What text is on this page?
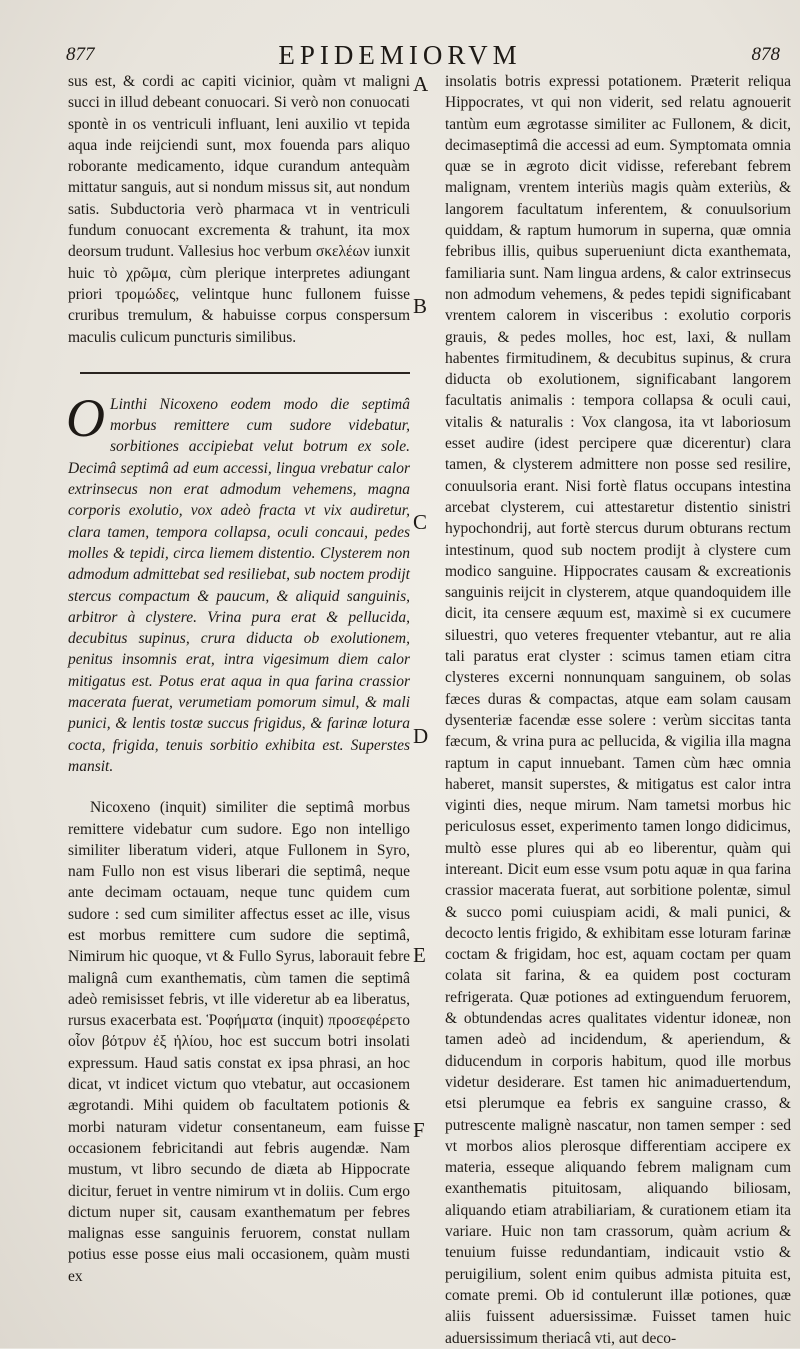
877	EPIDEMIORVM	878

sus est, & cordi ac capiti vicinior, quàm vt maligni succi in illud debeant conuocari. Si verò non conuocati spontè in os ventriculi influant, leni auxilio vt tepida aqua inde reijciendi sunt, mox fouenda pars aliquo roborante medicamento, idque curandum antequàm mittatur sanguis, aut si nondum missus sit, aut nondum satis. Subductoria verò pharmaca vt in ventriculi fundum conuocant excrementa & trahunt, ita mox deorsum trudunt. Vallesius hoc verbum σκελέων iunxit huic τὸ χρῶμα, cùm plerique interpretes adiungant priori τρομώδες, velintque hunc fullonem fuisse cruribus tremulum, & habuisse corpus conspersum maculis culicum puncturis similibus.

O Linthi Nicoxeno eodem modo die septimâ morbus remittere cum sudore videbatur, sorbitiones accipiebat velut botrum ex sole. Decimâ septimâ ad eum accessi, lingua vrebatur calor extrinsecus non erat admodum vehemens, magna corporis exolutio, vox adeò fracta vt vix audiretur, clara tamen, tempora collapsa, oculi concaui, pedes molles & tepidi, circa liemem distentio. Clysterem non admodum admittebat sed resiliebat, sub noctem prodijt stercus compactum & paucum, & aliquid sanguinis, arbitror à clystere. Vrina pura erat & pellucida, decubitus supinus, crura diducta ob exolutionem, penitus insomnis erat, intra vigesimum diem calor mitigatus est. Potus erat aqua in qua farina crassior macerata fuerat, verumetiam pomorum simul, & mali punici, & lentis tostæ succus frigidus, & farinæ lotura cocta, frigida, tenuis sorbitio exhibita est. Superstes mansit.

Nicoxeno (inquit) similiter die septimâ morbus remittere videbatur cum sudore. Ego non intelligo similiter liberatum videri, atque Fullonem in Syro, nam Fullo non est visus liberari die septimâ, neque ante decimam octauam, neque tunc quidem cum sudore : sed cum similiter affectus esset ac ille, visus est morbus remittere cum sudore die septimâ, Nimirum hic quoque, vt & Fullo Syrus, laborauit febre malignâ cum exanthematis, cùm tamen die septimâ adeò remisisset febris, vt ille videretur ab ea liberatus, rursus exacerbata est. Ῥοφήματα (inquit) προσεφέρετο οἷον βότρυν ἐξ ἡλίου, hoc est succum botri insolati expressum. Haud satis constat ex ipsa phrasi, an hoc dicat, vt indicet victum quo vtebatur, aut occasionem ægrotandi. Mihi quidem ob facultatem potionis & morbi naturam videtur consentaneum, eam fuisse occasionem febricitandi aut febris augendæ. Nam mustum, vt libro secundo de diæta ab Hippocrate dicitur, feruet in ventre nimirum vt in doliis. Cum ergo dictum nuper sit, causam exanthematum per febres malignas esse sanguinis feruorem, constat nullam potius esse posse eius mali occasionem, quàm musti ex

A
B
C
D
E
F

insolatis botris expressi potationem. Præterit reliqua Hippocrates, vt qui non viderit, sed relatu agnouerit tantùm eum ægrotasse similiter ac Fullonem, & dicit, decimaseptimâ die accessi ad eum. Symptomata omnia quæ se in ægroto dicit vidisse, referebant febrem malignam, vrentem interiùs magis quàm exteriùs, & langorem facultatum inferentem, & conuulsorium quiddam, & raptum humorum in superna, quæ omnia febribus illis, quibus superueniunt dicta exanthemata, familiaria sunt. Nam lingua ardens, & calor extrinsecus non admodum vehemens, & pedes tepidi significabant vrentem calorem in visceribus : exolutio corporis grauis, & pedes molles, hoc est, laxi, & nullam habentes firmitudinem, & decubitus supinus, & crura diducta ob exolutionem, significabant langorem facultatis animalis : tempora collapsa & oculi caui, vitalis & naturalis : Vox clangosa, ita vt laboriosum esset audire (idest percipere quæ dicerentur) clara tamen, & clysterem admittere non posse sed resilire, conuulsoria erant. Nisi fortè flatus occupans intestina arcebat clysterem, cui attestaretur distentio sinistri hypochondrij, aut fortè stercus durum obturans rectum intestinum, quod sub noctem prodijt à clystere cum modico sanguine. Hippocrates causam & excreationis sanguinis reijcit in clysterem, atque quandoquidem ille dicit, ita censere æquum est, maximè si ex cucumere siluestri, quo veteres frequenter vtebantur, aut re alia tali paratus erat clyster : scimus tamen etiam citra clysteres excerni nonnunquam sanguinem, ob solas fæces duras & compactas, atque eam solam causam dysenteriæ facendæ esse solere : verùm siccitas tanta fæcum, & vrina pura ac pellucida, & vigilia illa magna raptum in caput innuebant. Tamen cùm hæc omnia haberet, mansit superstes, & mitigatus est calor intra viginti dies, neque mirum. Nam tametsi morbus hic periculosus esset, experimento tamen longo didicimus, multò esse plures qui ab eo liberentur, quàm qui intereant. Dicit eum esse vsum potu aquæ in qua farina crassior macerata fuerat, aut sorbitione polentæ, simul & succo pomi cuiuspiam acidi, & mali punici, & decocto lentis frigido, & exhibitam esse loturam farinæ coctam & frigidam, hoc est, aquam coctam per quam colata sit farina, & ea quidem post cocturam refrigerata. Quæ potiones ad extinguendum feruorem, & obtundendas acres qualitates videntur idoneæ, non tamen adeò ad incidendum, & aperiendum, & diducendum in corporis habitum, quod ille morbus videtur desiderare. Est tamen hic animaduertendum, etsi plerumque ea febris ex sanguine crasso, & putrescente malignè nascatur, non tamen semper : sed vt morbos alios plerosque differentiam accipere ex materia, esseque aliquando febrem malignam cum exanthematis pituitosam, aliquando biliosam, aliquando etiam atrabiliariam, & curationem etiam ita variare. Huic non tam crassorum, quàm acrium & tenuium fuisse redundantiam, indicauit vstio & peruigilium, solent enim quibus admista pituita est, comate premi. Ob id contulerunt illæ potiones, quæ aliis fuissent aduersissimæ. Fuisset tamen huic aduersissimum theriacâ vti, aut deco-
